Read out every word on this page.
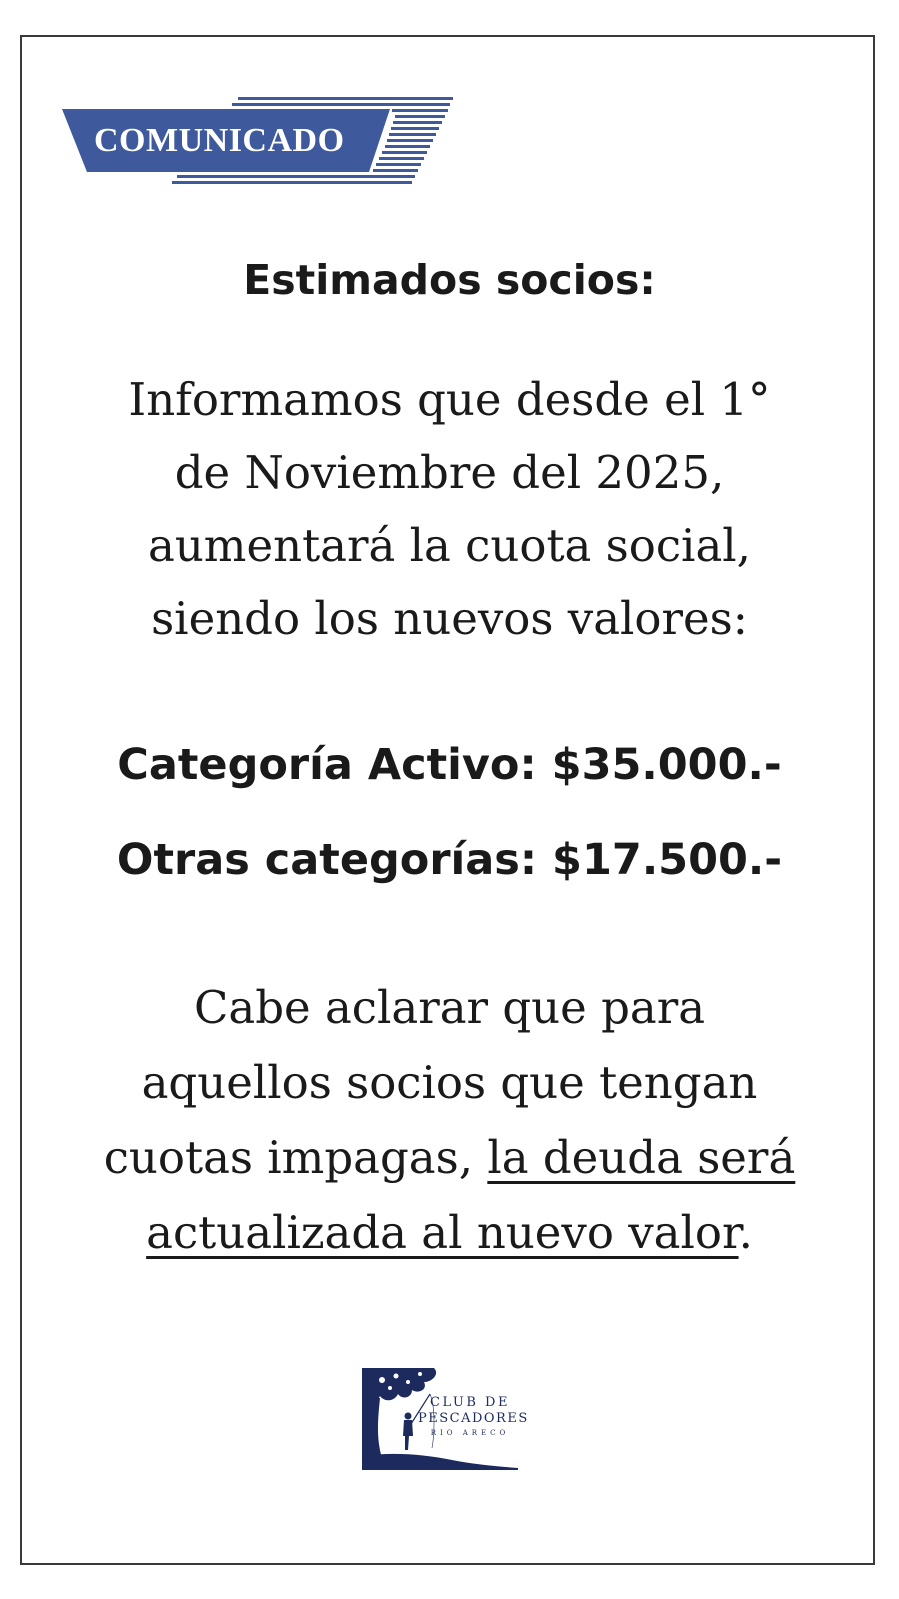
COMUNICADO
Estimados socios:
Informamos que desde el 1°
de Noviembre del 2025,
aumentará la cuota social,
siendo los nuevos valores:
Categoría Activo: $35.000.-
Otras categorías: $17.500.-
Cabe aclarar que para
aquellos socios que tengan
cuotas impagas, la deuda será
actualizada al nuevo valor.
CLUB DE
PESCADORES
RIO ARECO
